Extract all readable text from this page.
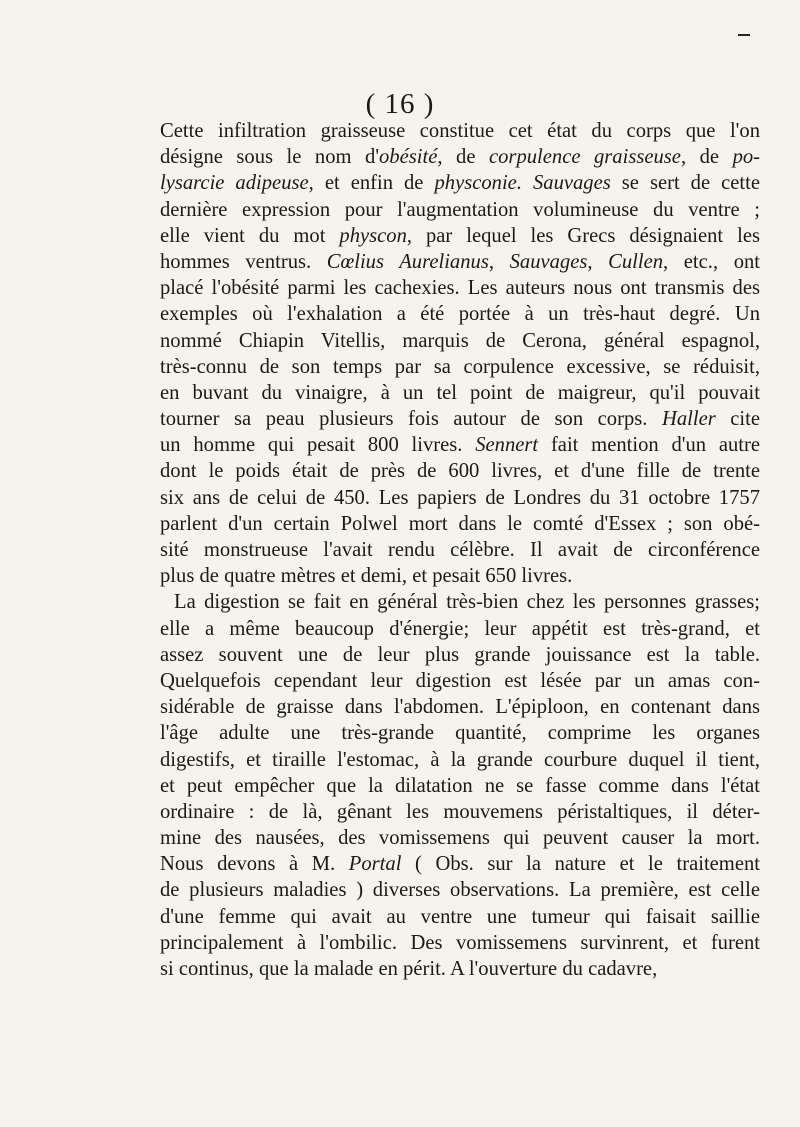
( 16 )
Cette infiltration graisseuse constitue cet état du corps que l'on
désigne sous le nom d'obésité, de corpulence graisseuse, de po-
lysarcie adipeuse, et enfin de physconie. Sauvages se sert de cette
dernière expression pour l'augmentation volumineuse du ventre ;
elle vient du mot physcon, par lequel les Grecs désignaient les
hommes ventrus. Cœlius Aurelianus, Sauvages, Cullen, etc., ont
placé l'obésité parmi les cachexies. Les auteurs nous ont transmis des
exemples où l'exhalation a été portée à un très-haut degré. Un
nommé Chiapin Vitellis, marquis de Cerona, général espagnol,
très-connu de son temps par sa corpulence excessive, se réduisit,
en buvant du vinaigre, à un tel point de maigreur, qu'il pouvait
tourner sa peau plusieurs fois autour de son corps. Haller cite
un homme qui pesait 800 livres. Sennert fait mention d'un autre
dont le poids était de près de 600 livres, et d'une fille de trente
six ans de celui de 450. Les papiers de Londres du 31 octobre 1757
parlent d'un certain Polwel mort dans le comté d'Essex ; son obé-
sité monstrueuse l'avait rendu célèbre. Il avait de circonférence
plus de quatre mètres et demi, et pesait 650 livres.
La digestion se fait en général très-bien chez les personnes grasses;
elle a même beaucoup d'énergie; leur appétit est très-grand, et
assez souvent une de leur plus grande jouissance est la table.
Quelquefois cependant leur digestion est lésée par un amas con-
sidérable de graisse dans l'abdomen. L'épiploon, en contenant dans
l'âge adulte une très-grande quantité, comprime les organes
digestifs, et tiraille l'estomac, à la grande courbure duquel il tient,
et peut empêcher que la dilatation ne se fasse comme dans l'état
ordinaire : de là, gênant les mouvemens péristaltiques, il déter-
mine des nausées, des vomissemens qui peuvent causer la mort.
Nous devons à M. Portal ( Obs. sur la nature et le traitement
de plusieurs maladies ) diverses observations. La première, est celle
d'une femme qui avait au ventre une tumeur qui faisait saillie
principalement à l'ombilic. Des vomissemens survinrent, et furent
si continus, que la malade en périt. A l'ouverture du cadavre,
